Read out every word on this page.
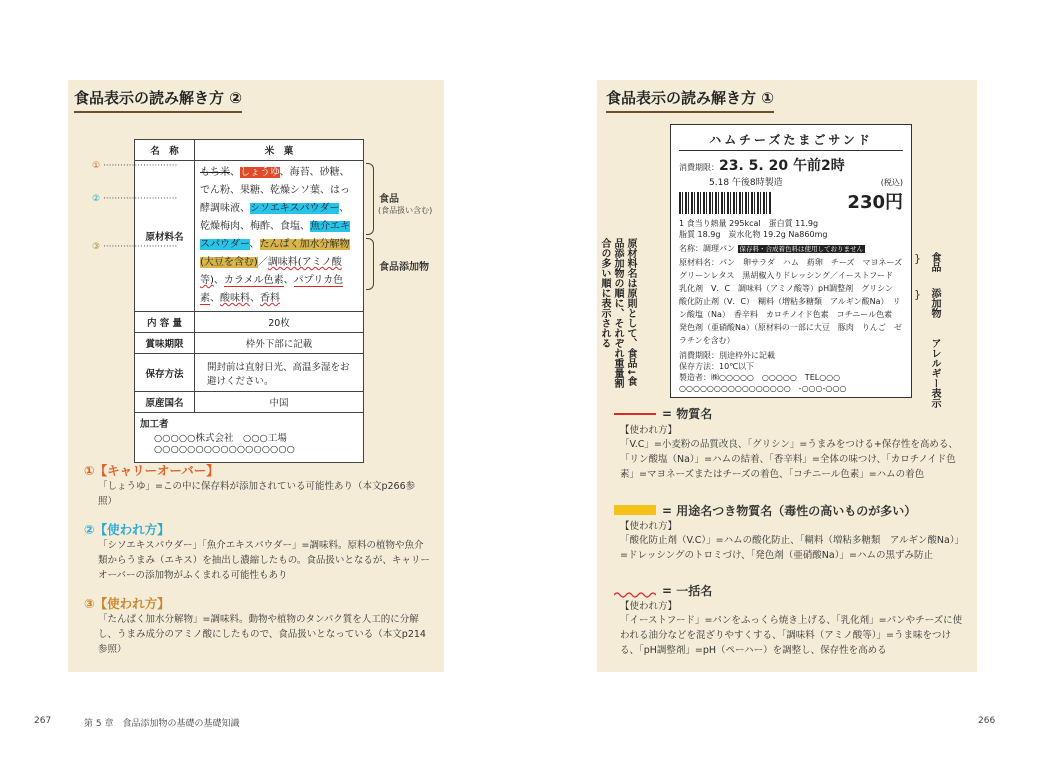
食品表示の読み解き方 ②
名　称	米　菓
原材料名	もち米、しょうゆ、海苔、砂糖、でん粉、果糖、乾燥シソ葉、はっ酵調味液、シソエキスパウダー、乾燥梅肉、梅酢、食塩、魚介エキスパウダー、たんぱく加水分解物(大豆を含む)／調味料(アミノ酸等)、カラメル色素、パプリカ色素、酸味料、香料
内 容 量	20枚
賞味期限	枠外下部に記載
保存方法	開封前は直射日光、高温多湿をお避けください。
原産国名	中国

加工者
○○○○○株式会社　○○○工場
○○○○○○○○○○○○○○○○○	
① ··························
② ··························
③ ··························
食品
(食品扱い含む)
食品添加物
①【キャリーオーバー】
「しょうゆ」=この中に保存料が添加されている可能性あり（本文p266参照）
②【使われ方】
「シソエキスパウダー」「魚介エキスパウダー」=調味料。原料の植物や魚介類からうまみ（エキス）を抽出し濃縮したもの。食品扱いとなるが、キャリーオーバーの添加物がふくまれる可能性もあり
③【使われ方】
「たんぱく加水分解物」=調味料。動物や植物のタンパク質を人工的に分解し、うまみ成分のアミノ酸にしたもので、食品扱いとなっている（本文p214参照）
267	第 5 章　食品添加物の基礎の基礎知識
食品表示の読み解き方 ①
原材料名は原則として、食品↓食品添加物の順に、それぞれ重量割合の多い順に表示される
ハムチーズたまごサンド
消費期限：23. 5. 20 午前2時
5.18 午後8時製造	(税込)
230円
1 食当り熱量 295kcal　蛋白質 11.9g
脂質 18.9g　炭水化物 19.2g Na860mg
名称：調理パン 保存料・合成着色料は使用しておりません
原材料名：パン　卵サラダ　ハム　葯卵　チーズ　マヨネーズ　グリーンレタス　黒胡椒入りドレッシング／イーストフード　乳化剤　V．C　調味料（アミノ酸等）pH調整剤　グリシン　酸化防止剤（V．C）　糊料（増粘多糖類　アルギン酸Na）　リン酸塩（Na）　香辛料　カロチノイド色素　コチニール色素　発色剤（亜硝酸Na）（原材料の一部に大豆　豚肉　りんご　ゼラチンを含む）
消費期限：別途枠外に記載
保存方法：10℃以下
製造者：㈱○○○○○　○○○○○　TEL○○○
○○○○○○○○○○○○○○○○　-○○○-○○○
} 食品
} 添加物
アレルギー表示
= 物質名
【使われ方】
「V.C」=小麦粉の品質改良、「グリシン」=うまみをつける+保存性を高める、「リン酸塩（Na）」=ハムの結着、「香辛料」=全体の味つけ、「カロチノイド色素」=マヨネーズまたはチーズの着色、「コチニール色素」=ハムの着色
= 用途名つき物質名（毒性の高いものが多い）
【使われ方】
「酸化防止剤（V.C）」=ハムの酸化防止、「糊料（増粘多糖類　アルギン酸Na）」=ドレッシングのトロミづけ、「発色剤（亜硝酸Na）」=ハムの黒ずみ防止
= 一括名
【使われ方】
「イーストフード」=パンをふっくら焼き上げる、「乳化剤」=パンやチーズに使われる油分などを混ざりやすくする、「調味料（アミノ酸等）」=うま味をつける、「pH調整剤」=pH（ペーハー）を調整し、保存性を高める
266
